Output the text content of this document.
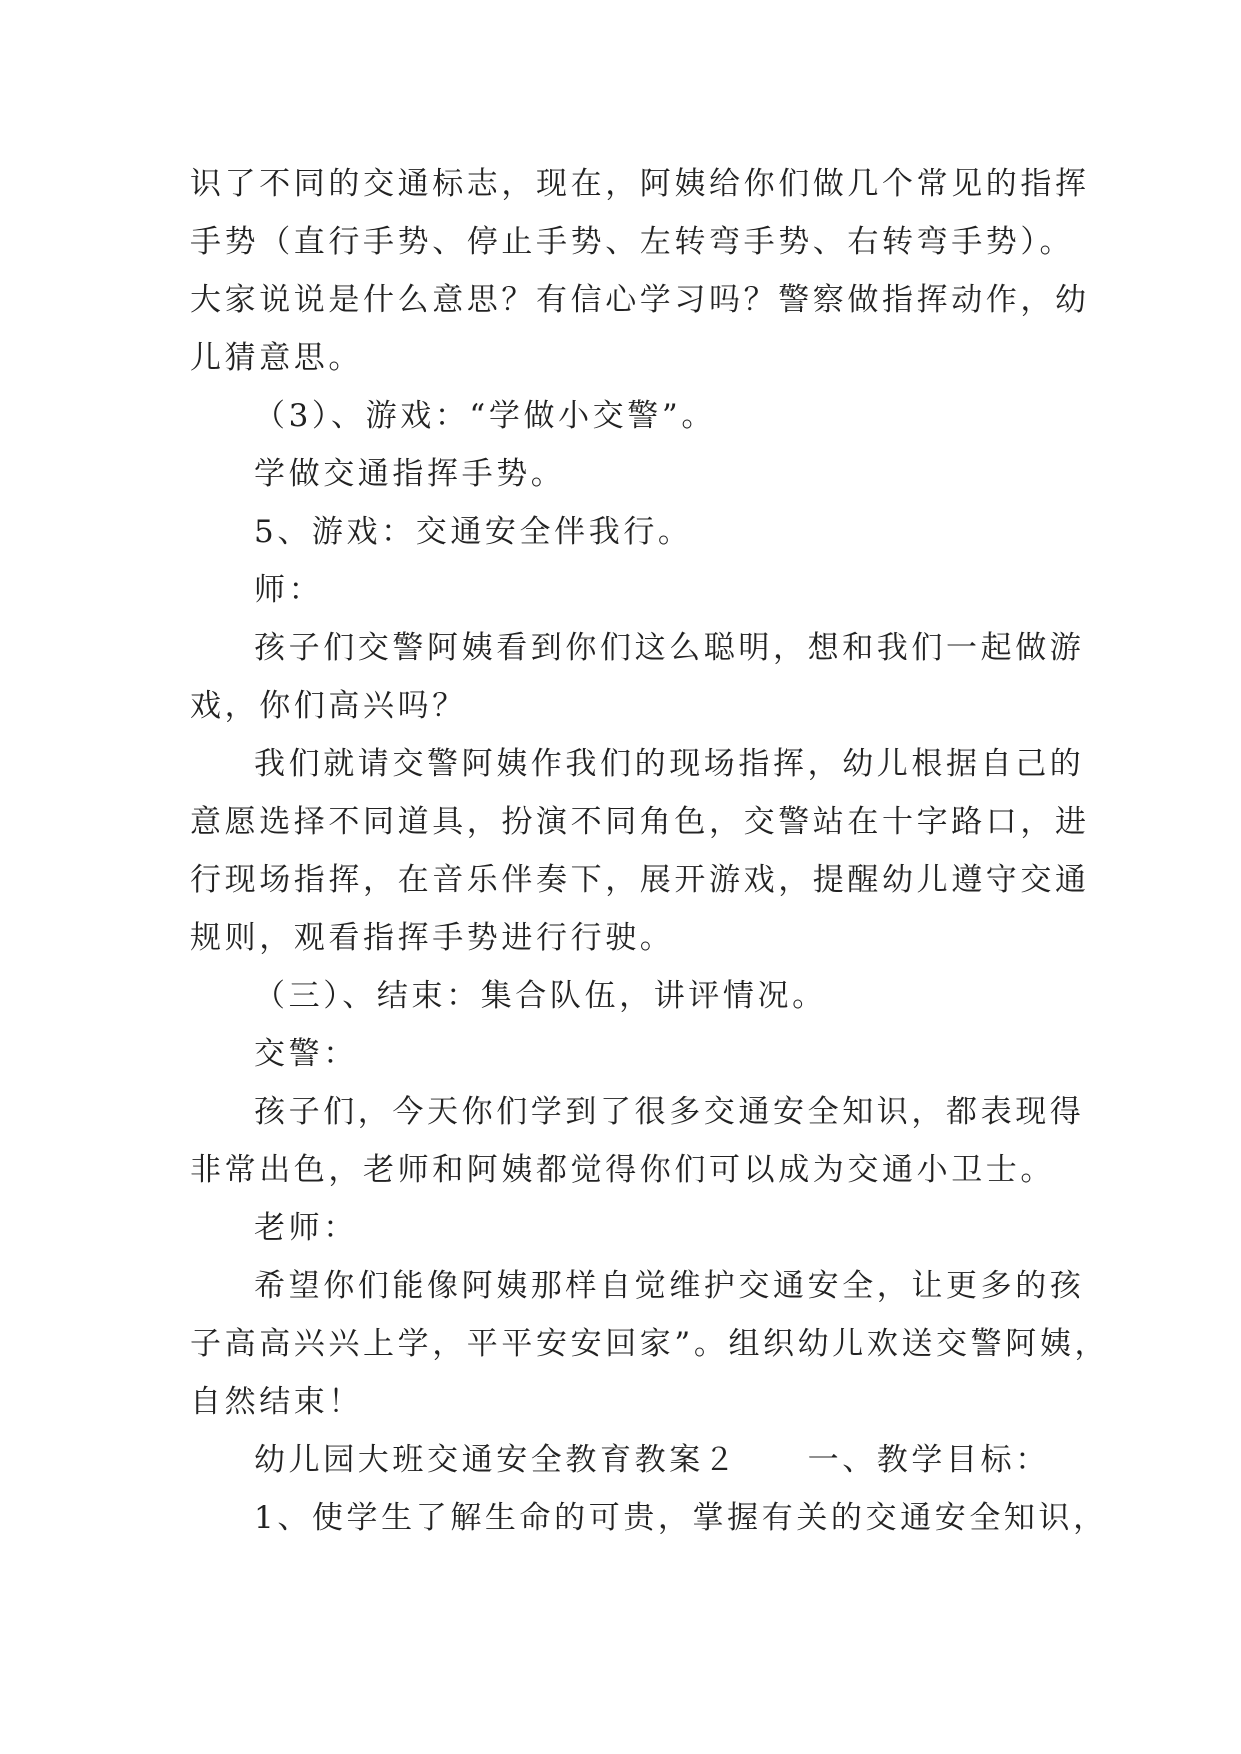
识了不同的交通标志，现在，阿姨给你们做几个常见的指挥
手势（直行手势、停止手势、左转弯手势、右转弯手势）。
大家说说是什么意思？有信心学习吗？警察做指挥动作，幼
儿猜意思。
（3）、游戏：“学做小交警”。
学做交通指挥手势。
5、游戏：交通安全伴我行。
师：
孩子们交警阿姨看到你们这么聪明，想和我们一起做游
戏，你们高兴吗？
我们就请交警阿姨作我们的现场指挥，幼儿根据自己的
意愿选择不同道具，扮演不同角色，交警站在十字路口，进
行现场指挥，在音乐伴奏下，展开游戏，提醒幼儿遵守交通
规则，观看指挥手势进行行驶。
（三）、结束：集合队伍，讲评情况。
交警：
孩子们，今天你们学到了很多交通安全知识，都表现得
非常出色，老师和阿姨都觉得你们可以成为交通小卫士。
老师：
希望你们能像阿姨那样自觉维护交通安全，让更多的孩
子高高兴兴上学，平平安安回家”。组织幼儿欢送交警阿姨，
自然结束！
幼儿园大班交通安全教育教案２　　一、教学目标：
1、使学生了解生命的可贵，掌握有关的交通安全知识，
